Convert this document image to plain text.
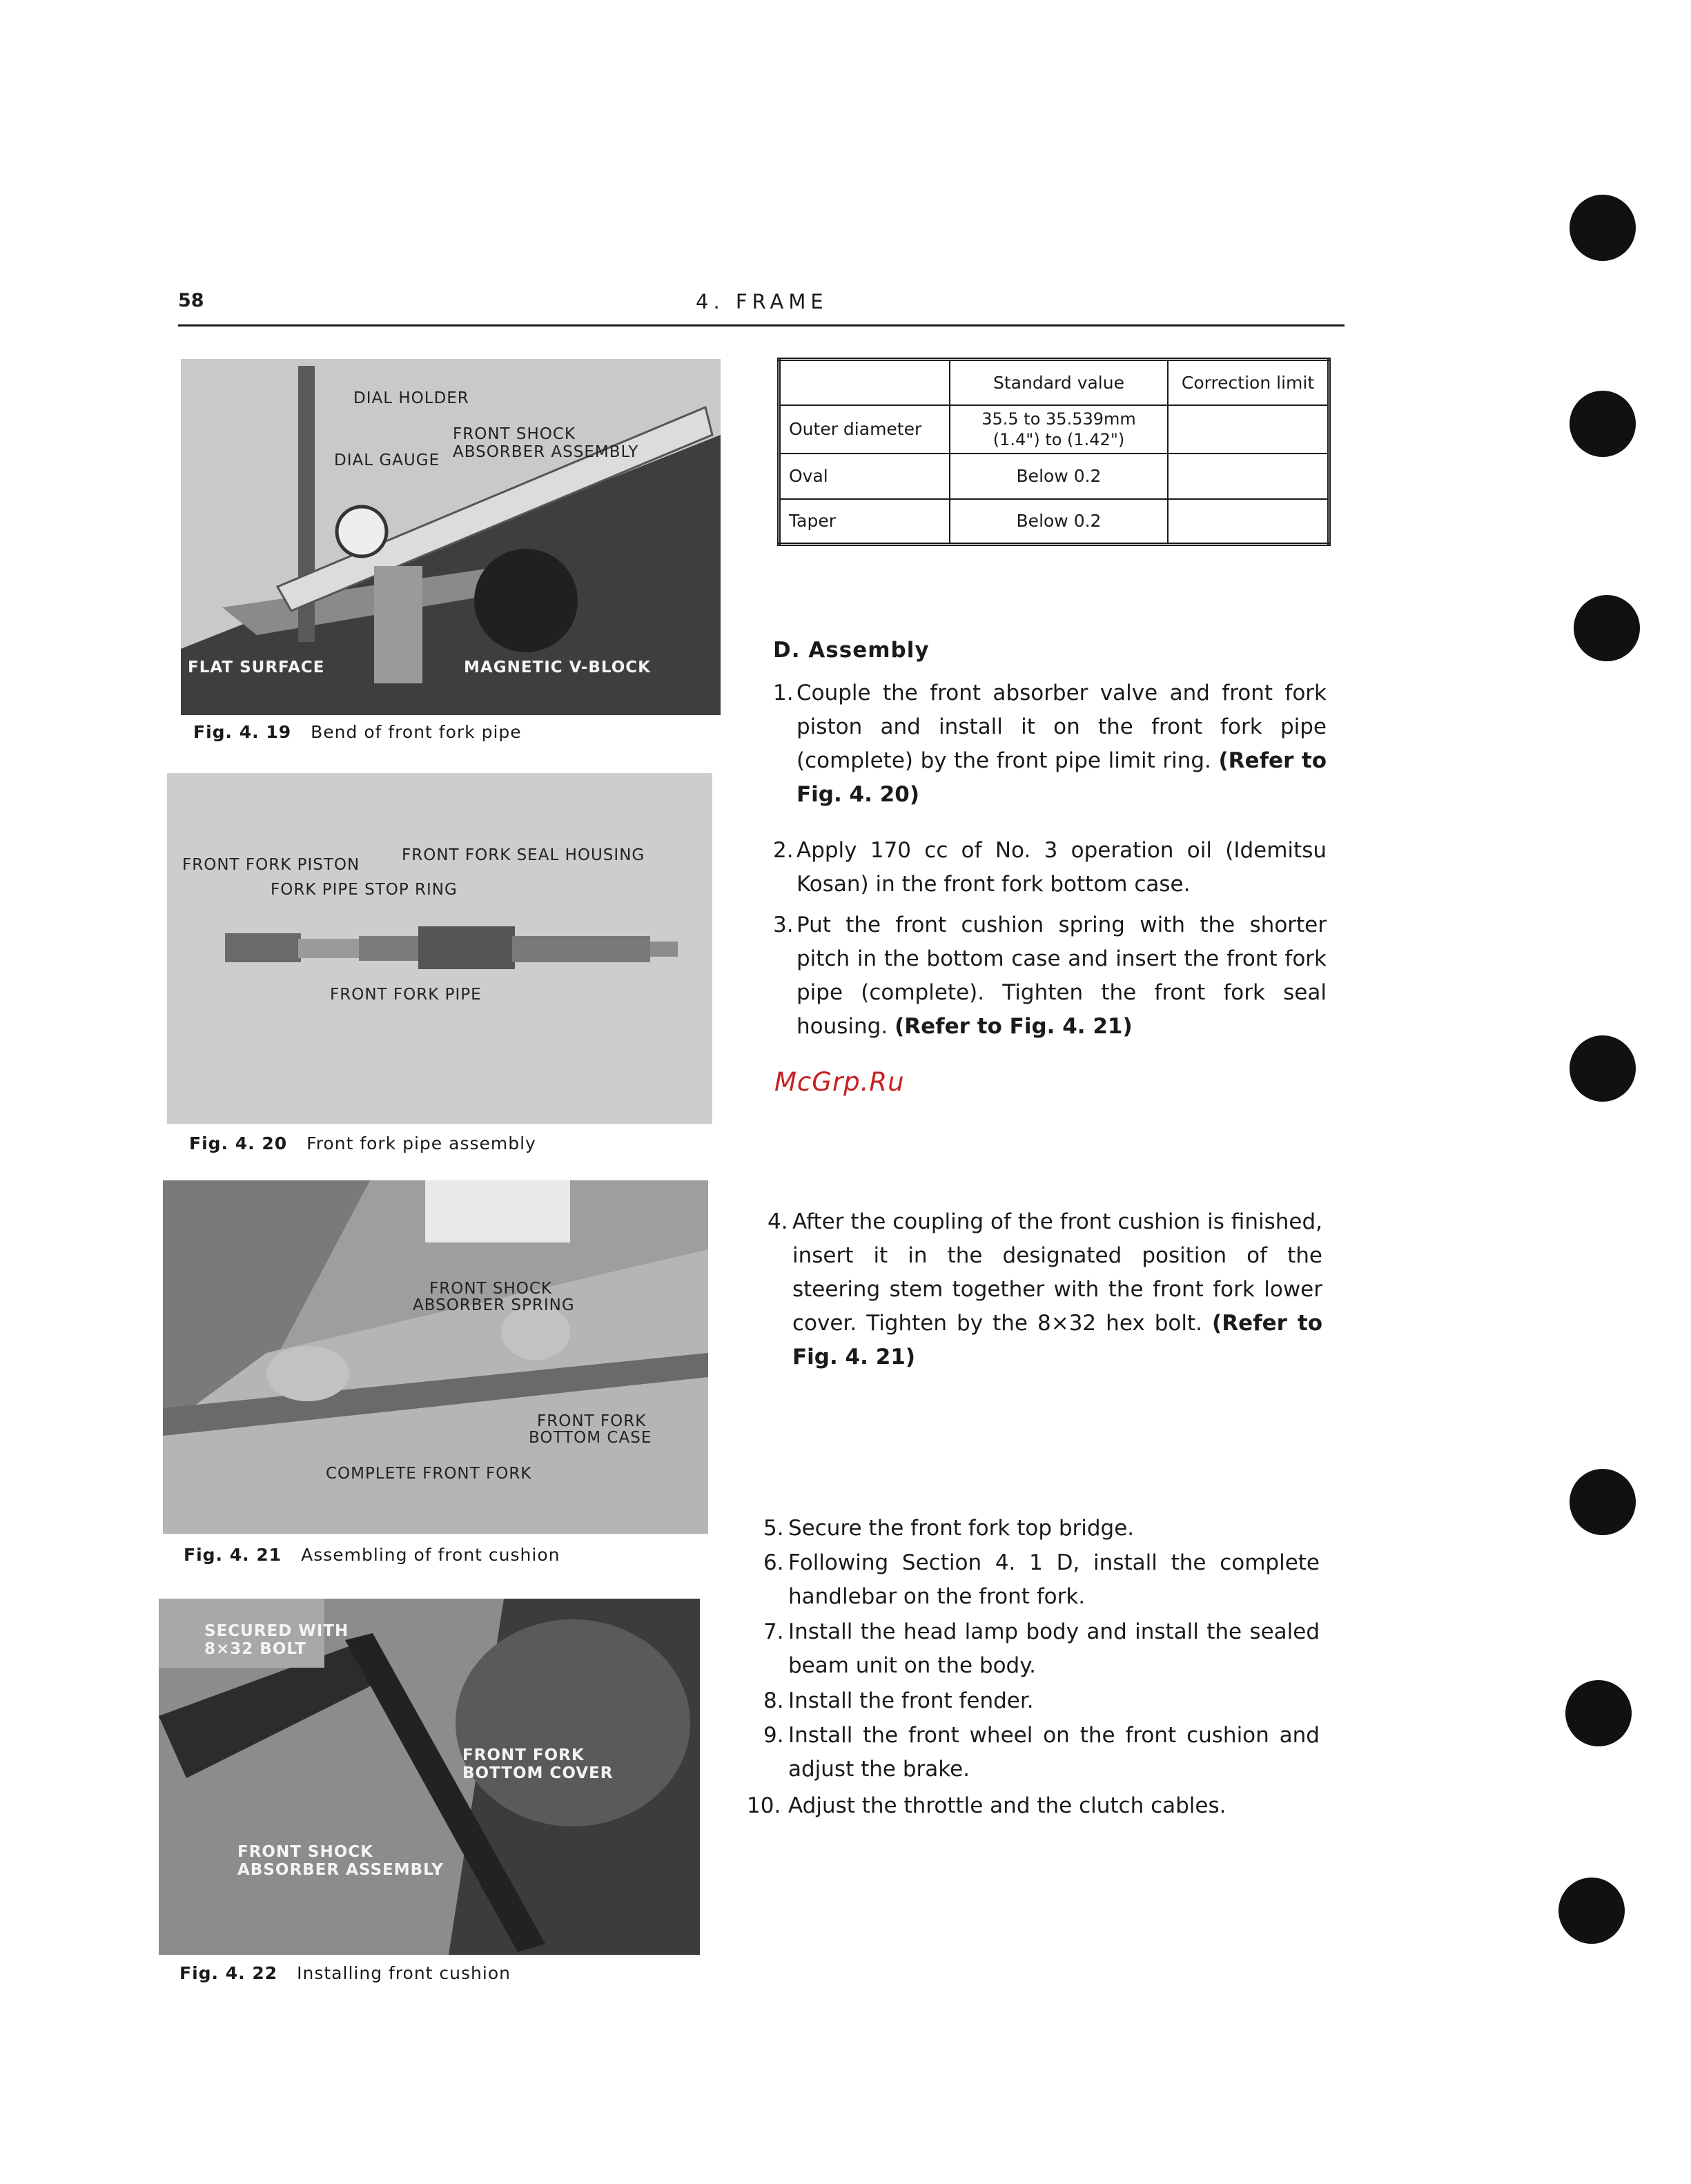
58	4. FRAME
DIAL HOLDER
FRONT SHOCK
ABSORBER ASSEMBLY
DIAL GAUGE
FLAT SURFACE	MAGNETIC V-BLOCK
Fig. 4. 19 Bend of front fork pipe
FRONT FORK PISTON
FRONT FORK SEAL HOUSING
FORK PIPE STOP RING
FRONT FORK PIPE
Fig. 4. 20 Front fork pipe assembly
FRONT SHOCK
ABSORBER SPRING
FRONT FORK
BOTTOM CASE
COMPLETE FRONT FORK
Fig. 4. 21 Assembling of front cushion
SECURED WITH
8×32 BOLT
FRONT FORK
BOTTOM COVER
FRONT SHOCK
ABSORBER ASSEMBLY
Fig. 4. 22 Installing front cushion
	Standard value	Correction limit
Outer diameter	35.5 to 35.539mm
(1.4") to (1.42")	

Oval	Below 0.2	
Taper	Below 0.2	
D. Assembly
1. Couple the front absorber valve and front fork piston and install it on the front fork pipe (complete) by the front pipe limit ring. (Refer to Fig. 4. 20)
2. Apply 170 cc of No. 3 operation oil (Idemitsu Kosan) in the front fork bottom case.
3. Put the front cushion spring with the shorter pitch in the bottom case and insert the front fork pipe (complete). Tighten the front fork seal housing. (Refer to Fig. 4. 21)
McGrp.Ru
4. After the coupling of the front cushion is finished, insert it in the designated position of the steering stem together with the front fork lower cover. Tighten by the 8×32 hex bolt. (Refer to Fig. 4. 21)
5. Secure the front fork top bridge.
6. Following Section 4. 1 D, install the complete handlebar on the front fork.
7. Install the head lamp body and install the sealed beam unit on the body.
8. Install the front fender.
9. Install the front wheel on the front cushion and adjust the brake.
10. Adjust the throttle and the clutch cables.
